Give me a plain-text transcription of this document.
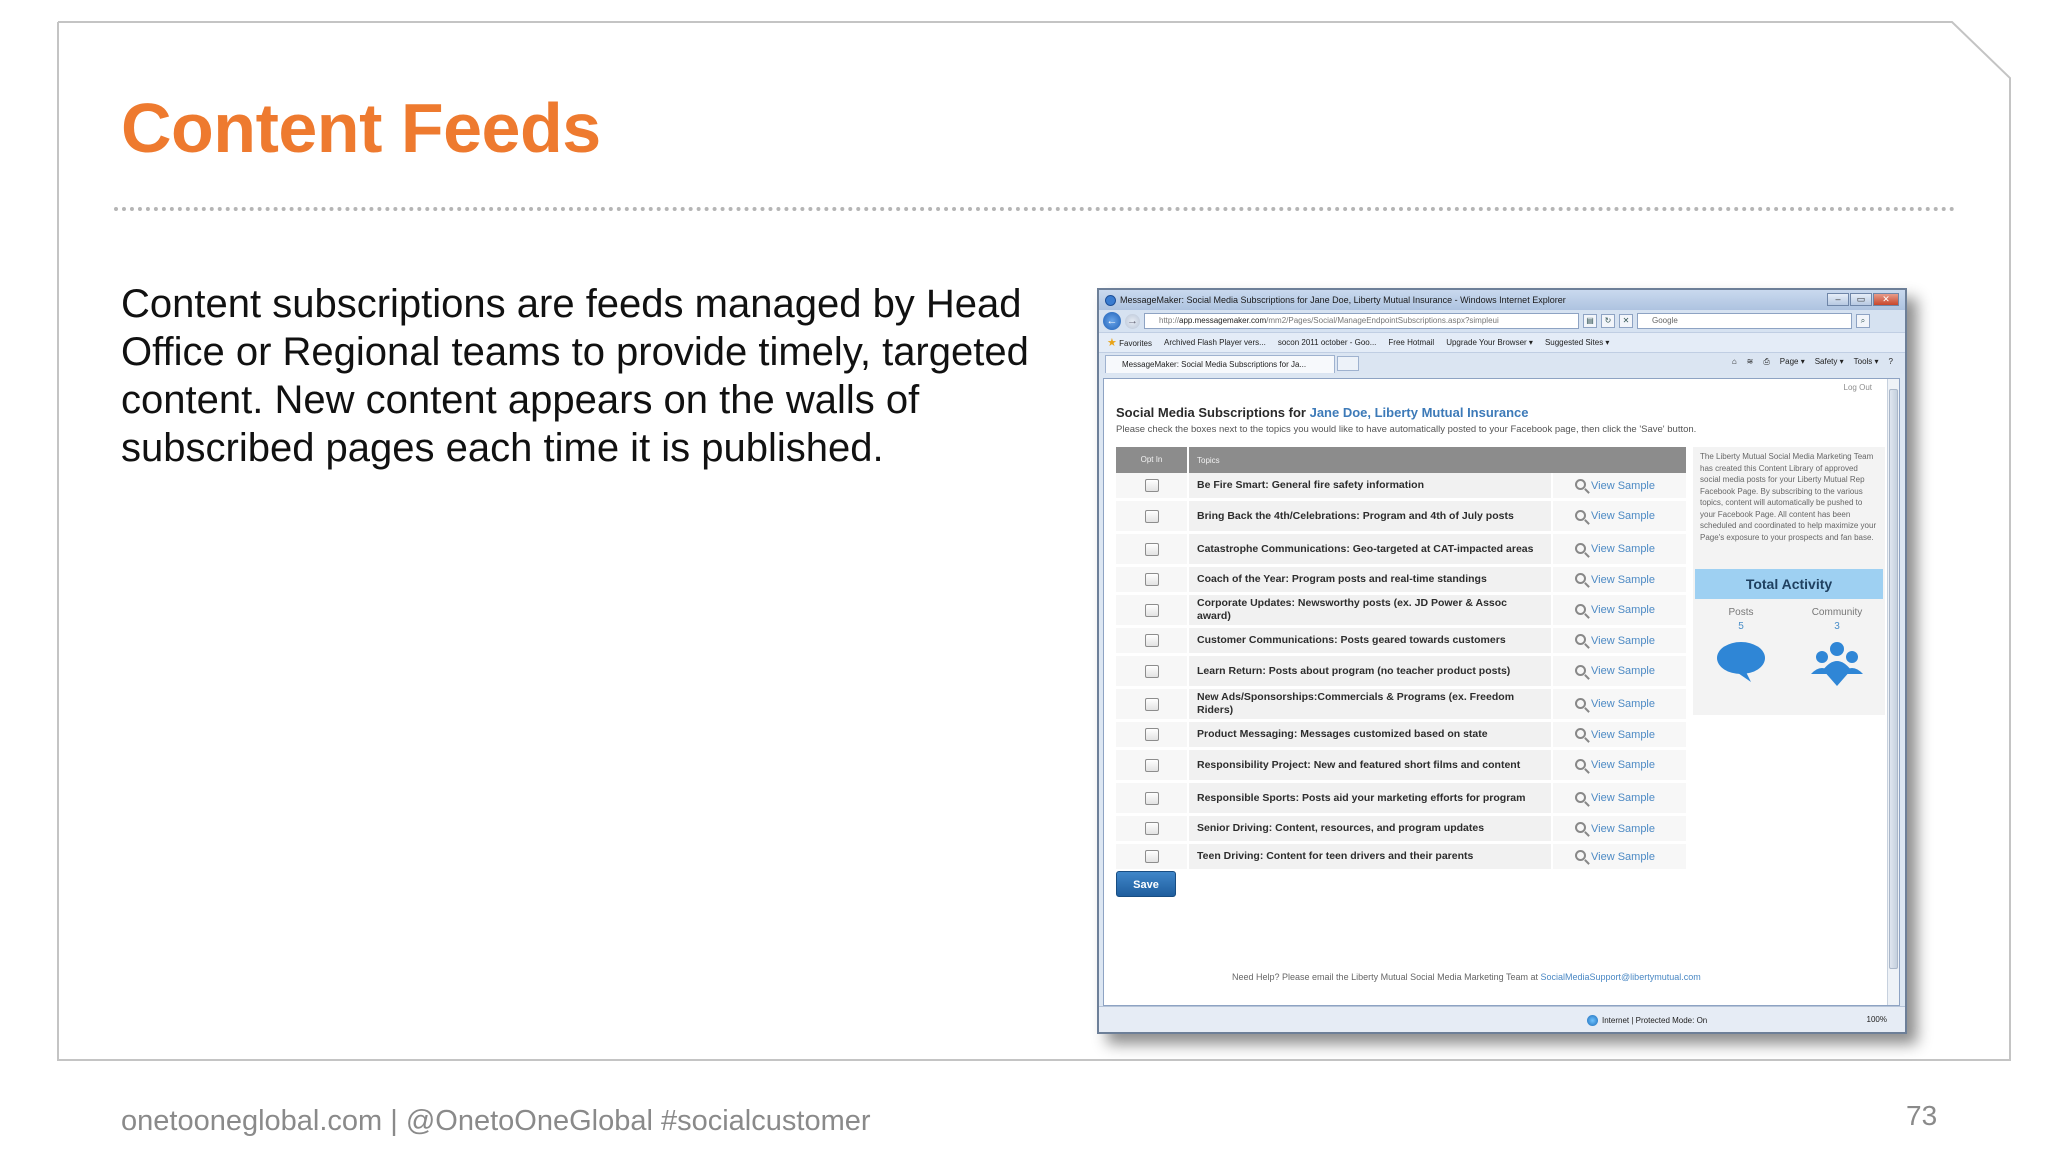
Content Feeds
Content subscriptions are feeds managed by Head Office or Regional teams to provide timely, targeted content. New content appears on the walls of subscribed pages each time it is published.
onetooneglobal.com | @OnetoOneGlobal #socialcustomer	73
MessageMaker: Social Media Subscriptions for Jane Doe, Liberty Mutual Insurance - Windows Internet Explorer	–	▭	✕
← →	http://app.messagemaker.com/mm2/Pages/Social/ManageEndpointSubscriptions.aspx?simpleui	▤	↻	✕	Google	⌕
★ Favorites Archived Flash Player vers... socon 2011 october - Goo... Free Hotmail Upgrade Your Browser ▾ Suggested Sites ▾
MessageMaker: Social Media Subscriptions for Ja...	⌂ ≋ ⎙ Page ▾ Safety ▾ Tools ▾ ?
Log Out
Social Media Subscriptions for Jane Doe, Liberty Mutual Insurance
Please check the boxes next to the topics you would like to have automatically posted to your Facebook page, then click the 'Save' button.
Opt In	Topics
Be Fire Smart: General fire safety information	View Sample
Bring Back the 4th/Celebrations: Program and 4th of July posts	View Sample
Catastrophe Communications: Geo-targeted at CAT-impacted areas	View Sample
Coach of the Year: Program posts and real-time standings	View Sample
Corporate Updates: Newsworthy posts (ex. JD Power & Assoc award)	View Sample
Customer Communications: Posts geared towards customers	View Sample
Learn Return: Posts about program (no teacher product posts)	View Sample
New Ads/Sponsorships:Commercials & Programs (ex. Freedom Riders)	View Sample
Product Messaging: Messages customized based on state	View Sample
Responsibility Project: New and featured short films and content	View Sample
Responsible Sports: Posts aid your marketing efforts for program	View Sample
Senior Driving: Content, resources, and program updates	View Sample
Teen Driving: Content for teen drivers and their parents	View Sample
Save
Need Help? Please email the Liberty Mutual Social Media Marketing Team at SocialMediaSupport@libertymutual.com
The Liberty Mutual Social Media Marketing Team has created this Content Library of approved social media posts for your Liberty Mutual Rep Facebook Page. By subscribing to the various topics, content will automatically be pushed to your Facebook Page. All content has been scheduled and coordinated to help maximize your Page's exposure to your prospects and fan base.
Total Activity
Posts
5
Community
3
Internet | Protected Mode: On	100%
